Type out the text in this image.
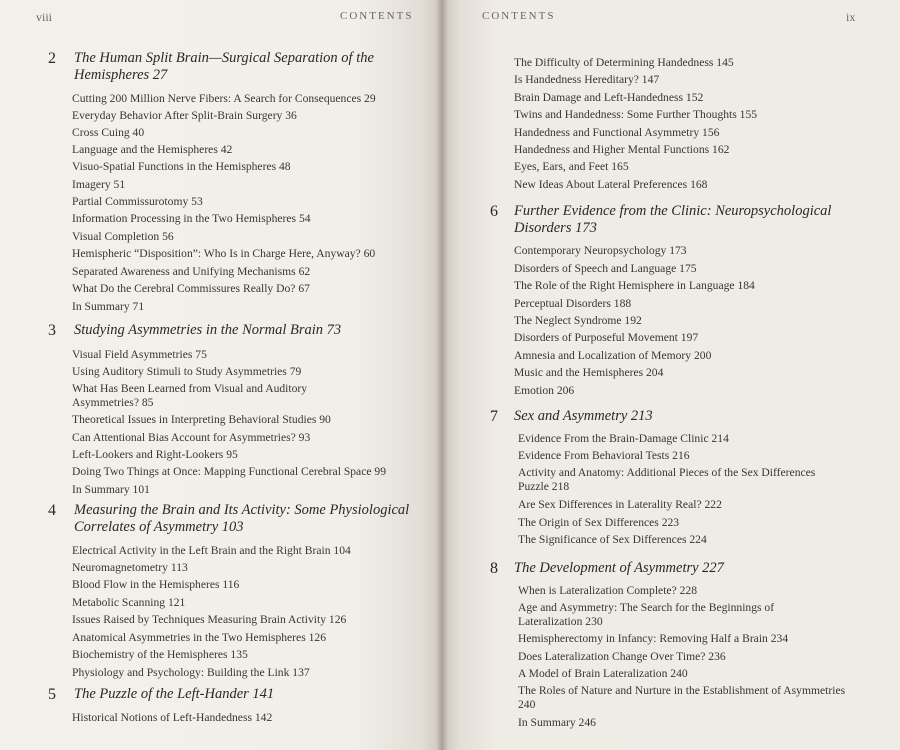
viii	CONTENTS
2 The Human Split Brain—Surgical Separation of the Hemispheres 27
Cutting 200 Million Nerve Fibers: A Search for Consequences 29
Everyday Behavior After Split-Brain Surgery 36
Cross Cuing 40
Language and the Hemispheres 42
Visuo-Spatial Functions in the Hemispheres 48
Imagery 51
Partial Commissurotomy 53
Information Processing in the Two Hemispheres 54
Visual Completion 56
Hemispheric “Disposition”: Who Is in Charge Here, Anyway? 60
Separated Awareness and Unifying Mechanisms 62
What Do the Cerebral Commissures Really Do? 67
In Summary 71
3 Studying Asymmetries in the Normal Brain 73
Visual Field Asymmetries 75
Using Auditory Stimuli to Study Asymmetries 79
What Has Been Learned from Visual and Auditory Asymmetries? 85
Theoretical Issues in Interpreting Behavioral Studies 90
Can Attentional Bias Account for Asymmetries? 93
Left-Lookers and Right-Lookers 95
Doing Two Things at Once: Mapping Functional Cerebral Space 99
In Summary 101
4 Measuring the Brain and Its Activity: Some Physiological Correlates of Asymmetry 103
Electrical Activity in the Left Brain and the Right Brain 104
Neuromagnetometry 113
Blood Flow in the Hemispheres 116
Metabolic Scanning 121
Issues Raised by Techniques Measuring Brain Activity 126
Anatomical Asymmetries in the Two Hemispheres 126
Biochemistry of the Hemispheres 135
Physiology and Psychology: Building the Link 137
5 The Puzzle of the Left-Hander 141
Historical Notions of Left-Handedness 142
CONTENTS	ix
The Difficulty of Determining Handedness 145
Is Handedness Hereditary? 147
Brain Damage and Left-Handedness 152
Twins and Handedness: Some Further Thoughts 155
Handedness and Functional Asymmetry 156
Handedness and Higher Mental Functions 162
Eyes, Ears, and Feet 165
New Ideas About Lateral Preferences 168
6 Further Evidence from the Clinic: Neuropsychological Disorders 173
Contemporary Neuropsychology 173
Disorders of Speech and Language 175
The Role of the Right Hemisphere in Language 184
Perceptual Disorders 188
The Neglect Syndrome 192
Disorders of Purposeful Movement 197
Amnesia and Localization of Memory 200
Music and the Hemispheres 204
Emotion 206
7 Sex and Asymmetry 213
Evidence From the Brain-Damage Clinic 214
Evidence From Behavioral Tests 216
Activity and Anatomy: Additional Pieces of the Sex Differences Puzzle 218
Are Sex Differences in Laterality Real? 222
The Origin of Sex Differences 223
The Significance of Sex Differences 224
8 The Development of Asymmetry 227
When is Lateralization Complete? 228
Age and Asymmetry: The Search for the Beginnings of Lateralization 230
Hemispherectomy in Infancy: Removing Half a Brain 234
Does Lateralization Change Over Time? 236
A Model of Brain Lateralization 240
The Roles of Nature and Nurture in the Establishment of Asymmetries 240
In Summary 246
